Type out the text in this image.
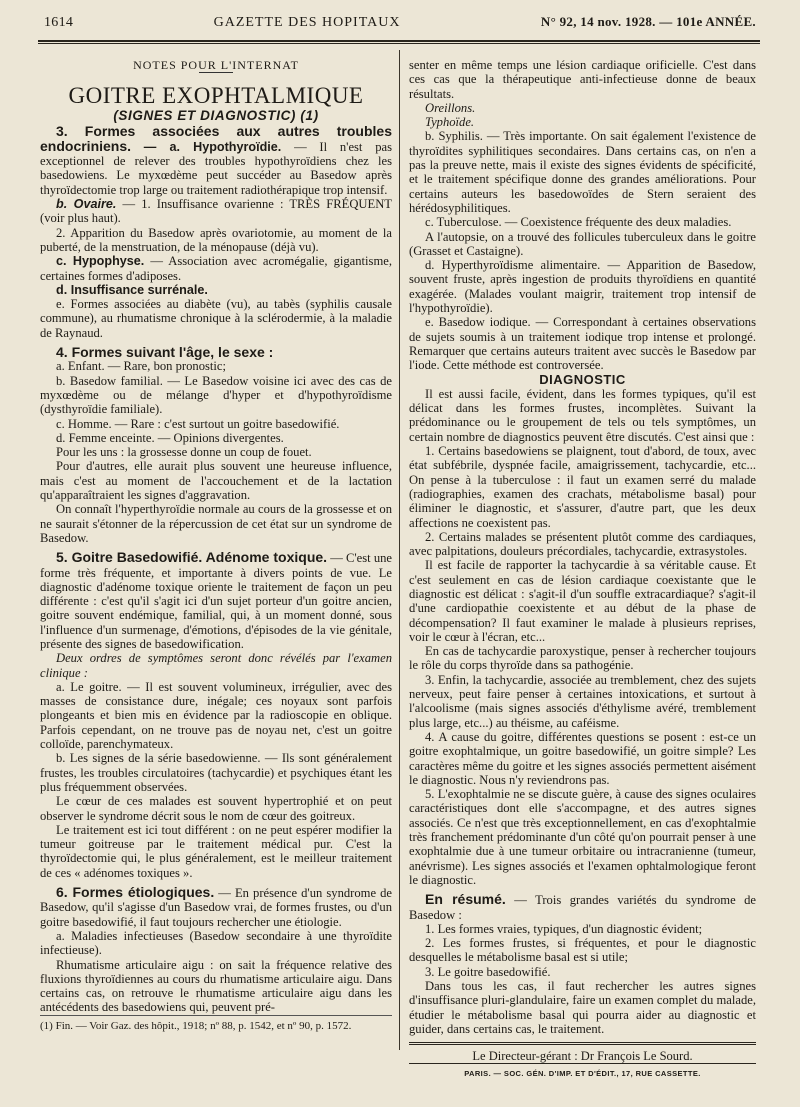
1614	GAZETTE DES HOPITAUX	N° 92, 14 nov. 1928. — 101e ANNÉE.

NOTES POUR L'INTERNAT

GOITRE EXOPHTALMIQUE

(SIGNES ET DIAGNOSTIC) (1)

3. Formes associées aux autres troubles endocriniens. — a. Hypothyroïdie. — Il n'est pas exceptionnel de relever des troubles hypothyroïdiens chez les basedowiens. Le myxœdème peut succéder au Basedow après thyroïdectomie trop large ou traitement radiothérapique trop intensif.

b. Ovaire. — 1. Insuffisance ovarienne : TRÈS FRÉQUENT (voir plus haut).

2. Apparition du Basedow après ovariotomie, au moment de la puberté, de la menstruation, de la ménopause (déjà vu).

c. Hypophyse. — Association avec acromégalie, gigantisme, certaines formes d'adiposes.

d. Insuffisance surrénale.

e. Formes associées au diabète (vu), au tabès (syphilis causale commune), au rhumatisme chronique à la sclérodermie, à la maladie de Raynaud.

4. Formes suivant l'âge, le sexe :

a. Enfant. — Rare, bon pronostic;

b. Basedow familial. — Le Basedow voisine ici avec des cas de myxœdème ou de mélange d'hyper et d'hypothyroïdisme (dysthyroïdie familiale).

c. Homme. — Rare : c'est surtout un goitre basedowifié.

d. Femme enceinte. — Opinions divergentes.

Pour les uns : la grossesse donne un coup de fouet.

Pour d'autres, elle aurait plus souvent une heureuse influence, mais c'est au moment de l'accouchement et de la lactation qu'apparaîtraient les signes d'aggravation.

On connaît l'hyperthyroïdie normale au cours de la grossesse et on ne saurait s'étonner de la répercussion de cet état sur un syndrome de Basedow.

5. Goitre Basedowifié. Adénome toxique. — C'est une forme très fréquente, et importante à divers points de vue. Le diagnostic d'adénome toxique oriente le traitement de façon un peu différente : c'est qu'il s'agit ici d'un sujet porteur d'un goitre ancien, goitre souvent endémique, familial, qui, à un moment donné, sous l'influence d'un surmenage, d'émotions, d'épisodes de la vie génitale, présente des signes de basedowification.

Deux ordres de symptômes seront donc révélés par l'examen clinique :

a. Le goitre. — Il est souvent volumineux, irrégulier, avec des masses de consistance dure, inégale; ces noyaux sont parfois plongeants et bien mis en évidence par la radioscopie en oblique. Parfois cependant, on ne trouve pas de noyau net, c'est un goitre colloïde, parenchymateux.

b. Les signes de la série basedowienne. — Ils sont généralement frustes, les troubles circulatoires (tachycardie) et psychiques étant les plus fréquemment observées.

Le cœur de ces malades est souvent hypertrophié et on peut observer le syndrome décrit sous le nom de cœur des goitreux.

Le traitement est ici tout différent : on ne peut espérer modifier la tumeur goitreuse par le traitement médical pur. C'est la thyroïdectomie qui, le plus généralement, est le meilleur traitement de ces « adénomes toxiques ».

6. Formes étiologiques. — En présence d'un syndrome de Basedow, qu'il s'agisse d'un Basedow vrai, de formes frustes, ou d'un goitre basedowifié, il faut toujours rechercher une étiologie.

a. Maladies infectieuses (Basedow secondaire à une thyroïdite infectieuse).

Rhumatisme articulaire aigu : on sait la fréquence relative des fluxions thyroïdiennes au cours du rhumatisme articulaire aigu. Dans certains cas, on retrouve le rhumatisme articulaire aigu dans les antécédents des basedowiens qui, peuvent pré-

(1) Fin. — Voir Gaz. des hôpit., 1918; nº 88, p. 1542, et nº 90, p. 1572.

senter en même temps une lésion cardiaque orificielle. C'est dans ces cas que la thérapeutique anti-infectieuse donne de beaux résultats.

Oreillons.

Typhoïde.

b. Syphilis. — Très importante. On sait également l'existence de thyroïdites syphilitiques secondaires. Dans certains cas, on n'en a pas la preuve nette, mais il existe des signes évidents de spécificité, et le traitement spécifique donne des grandes améliorations. Pour certains auteurs les basedowoïdes de Stern seraient des hérédosyphilitiques.

c. Tuberculose. — Coexistence fréquente des deux maladies.

A l'autopsie, on a trouvé des follicules tuberculeux dans le goitre (Grasset et Castaigne).

d. Hyperthyroïdisme alimentaire. — Apparition de Basedow, souvent fruste, après ingestion de produits thyroïdiens en quantité exagérée. (Malades voulant maigrir, traitement trop intensif de l'hypothyroïdie).

e. Basedow iodique. — Correspondant à certaines observations de sujets soumis à un traitement iodique trop intense et prolongé. Remarquer que certains auteurs traitent avec succès le Basedow par l'iode. Cette méthode est controversée.

DIAGNOSTIC

Il est aussi facile, évident, dans les formes typiques, qu'il est délicat dans les formes frustes, incomplètes. Suivant la prédominance ou le groupement de tels ou tels symptômes, un certain nombre de diagnostics peuvent être discutés. C'est ainsi que :

1. Certains basedowiens se plaignent, tout d'abord, de toux, avec état subfébrile, dyspnée facile, amaigrissement, tachycardie, etc... On pense à la tuberculose : il faut un examen serré du malade (radiographies, examen des crachats, métabolisme basal) pour éliminer le diagnostic, et s'assurer, d'autre part, que les deux affections ne coexistent pas.

2. Certains malades se présentent plutôt comme des cardiaques, avec palpitations, douleurs précordiales, tachycardie, extrasystoles.

Il est facile de rapporter la tachycardie à sa véritable cause. Et c'est seulement en cas de lésion cardiaque coexistante que le diagnostic est délicat : s'agit-il d'un souffle extracardiaque? s'agit-il d'une cardiopathie coexistente et au début de la phase de décompensation? Il faut examiner le malade à plusieurs reprises, voir le cœur à l'écran, etc...

En cas de tachycardie paroxystique, penser à rechercher toujours le rôle du corps thyroïde dans sa pathogénie.

3. Enfin, la tachycardie, associée au tremblement, chez des sujets nerveux, peut faire penser à certaines intoxications, et surtout à l'alcoolisme (mais signes associés d'éthylisme avéré, tremblement plus large, etc...) au théisme, au caféisme.

4. A cause du goitre, différentes questions se posent : est-ce un goitre exophtalmique, un goitre basedowifié, un goitre simple? Les caractères même du goitre et les signes associés permettent aisément le diagnostic. Nous n'y reviendrons pas.

5. L'exophtalmie ne se discute guère, à cause des signes oculaires caractéristiques dont elle s'accompagne, et des autres signes associés. Ce n'est que très exceptionnellement, en cas d'exophtalmie très franchement prédominante d'un côté qu'on pourrait penser à une exophtalmie due à une tumeur orbitaire ou intracranienne (tumeur, anévrisme). Les signes associés et l'examen ophtalmologique feront le diagnostic.

En résumé. — Trois grandes variétés du syndrome de Basedow :

1. Les formes vraies, typiques, d'un diagnostic évident;

2. Les formes frustes, si fréquentes, et pour le diagnostic desquelles le métabolisme basal est si utile;

3. Le goitre basedowifié.

Dans tous les cas, il faut rechercher les autres signes d'insuffisance pluri-glandulaire, faire un examen complet du malade, étudier le métabolisme basal qui pourra aider au diagnostic et guider, dans certains cas, le traitement.

Le Directeur-gérant : Dr François Le Sourd.

PARIS. — SOC. GÉN. D'IMP. ET D'ÉDIT., 17, RUE CASSETTE.
